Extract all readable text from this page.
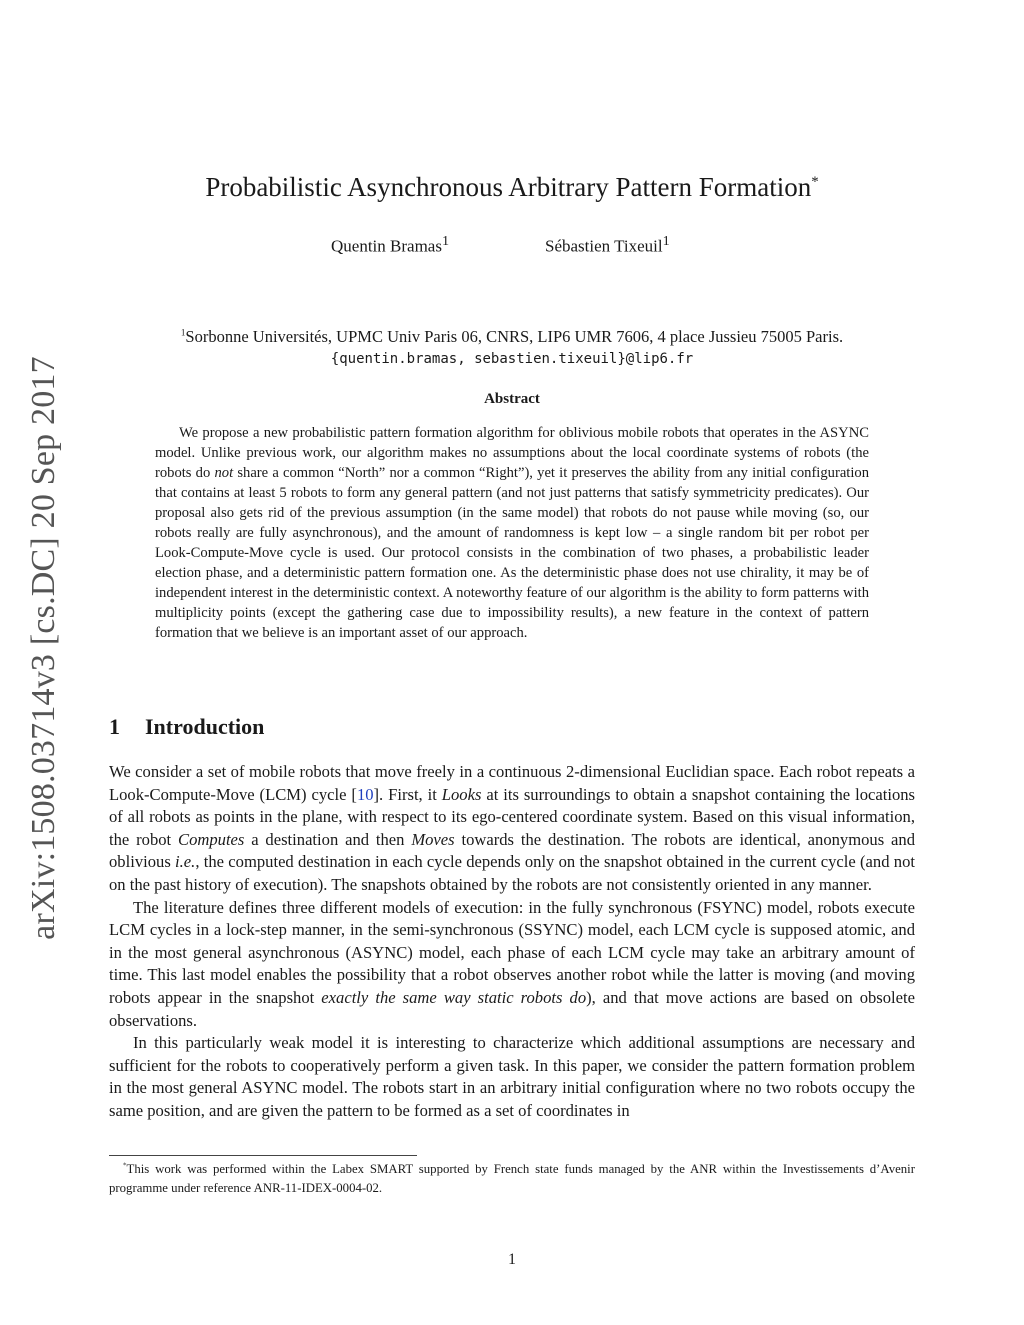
arXiv:1508.03714v3 [cs.DC] 20 Sep 2017
Probabilistic Asynchronous Arbitrary Pattern Formation*
Quentin Bramas$^1$	Sébastien Tixeuil$^1$
$^1$Sorbonne Universités, UPMC Univ Paris 06, CNRS, LIP6 UMR 7606, 4 place Jussieu 75005 Paris.
{quentin.bramas, sebastien.tixeuil}@lip6.fr
Abstract

We propose a new probabilistic pattern formation algorithm for oblivious mobile robots that operates in the ASYNC model. Unlike previous work, our algorithm makes no assumptions about the local coordinate systems of robots (the robots do not share a common “North” nor a common “Right”), yet it preserves the ability from any initial configuration that contains at least 5 robots to form any general pattern (and not just patterns that satisfy symmetricity predicates). Our proposal also gets rid of the previous assumption (in the same model) that robots do not pause while moving (so, our robots really are fully asynchronous), and the amount of randomness is kept low – a single random bit per robot per Look-Compute-Move cycle is used. Our protocol consists in the combination of two phases, a probabilistic leader election phase, and a deterministic pattern formation one. As the deterministic phase does not use chirality, it may be of independent interest in the deterministic context. A noteworthy feature of our algorithm is the ability to form patterns with multiplicity points (except the gathering case due to impossibility results), a new feature in the context of pattern formation that we believe is an important asset of our approach.

1 Introduction

We consider a set of mobile robots that move freely in a continuous 2-dimensional Euclidian space. Each robot repeats a Look-Compute-Move (LCM) cycle [10]. First, it Looks at its surroundings to obtain a snapshot containing the locations of all robots as points in the plane, with respect to its ego-centered coordinate system. Based on this visual information, the robot Computes a destination and then Moves towards the destination. The robots are identical, anonymous and oblivious i.e., the computed destination in each cycle depends only on the snapshot obtained in the current cycle (and not on the past history of execution). The snapshots obtained by the robots are not consistently oriented in any manner.

The literature defines three different models of execution: in the fully synchronous (FSYNC) model, robots execute LCM cycles in a lock-step manner, in the semi-synchronous (SSYNC) model, each LCM cycle is supposed atomic, and in the most general asynchronous (ASYNC) model, each phase of each LCM cycle may take an arbitrary amount of time. This last model enables the possibility that a robot observes another robot while the latter is moving (and moving robots appear in the snapshot exactly the same way static robots do), and that move actions are based on obsolete observations.

In this particularly weak model it is interesting to characterize which additional assumptions are necessary and sufficient for the robots to cooperatively perform a given task. In this paper, we consider the pattern formation problem in the most general ASYNC model. The robots start in an arbitrary initial configuration where no two robots occupy the same position, and are given the pattern to be formed as a set of coordinates in

*This work was performed within the Labex SMART supported by French state funds managed by the ANR within the Investissements d’Avenir programme under reference ANR-11-IDEX-0004-02.
1
